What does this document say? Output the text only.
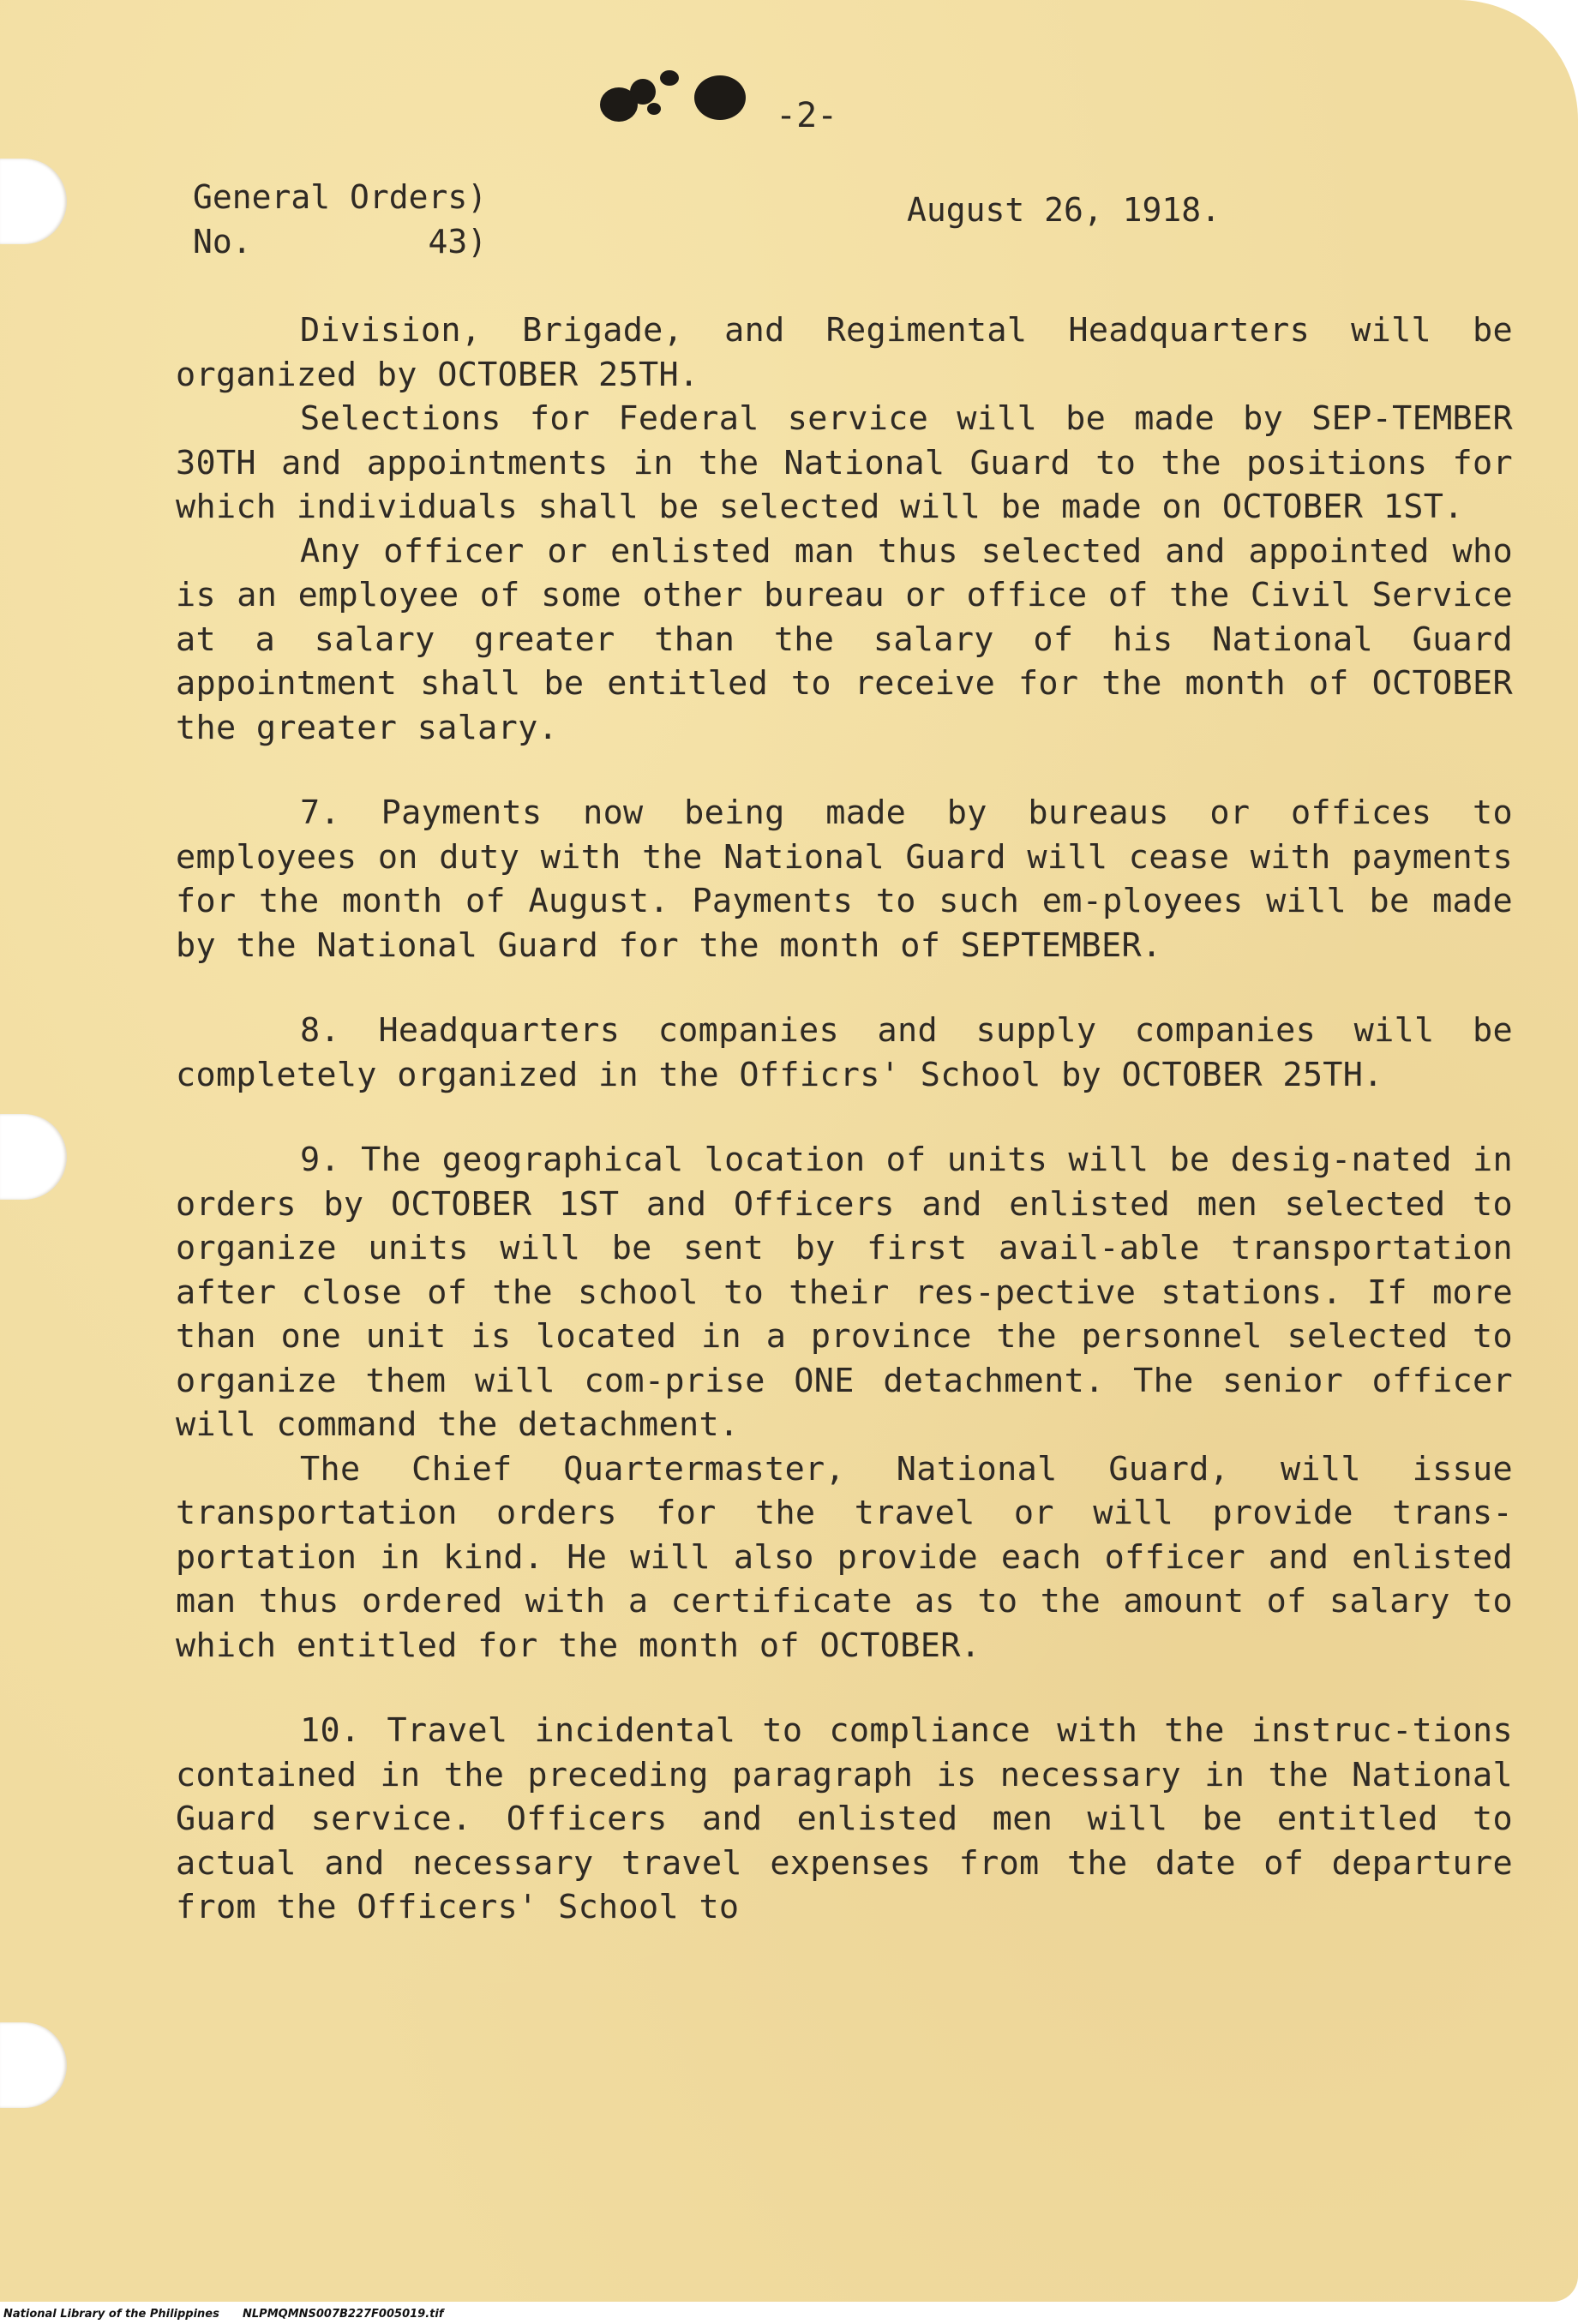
-2-
General Orders)
No.         43)
August 26, 1918.

Division, Brigade, and Regimental Headquarters will be organized by OCTOBER 25TH.

Selections for Federal service will be made by SEP-TEMBER 30TH and appointments in the National Guard to the positions for which individuals shall be selected will be made on OCTOBER 1ST.

Any officer or enlisted man thus selected and appointed who is an employee of some other bureau or office of the Civil Service at a salary greater than the salary of his National Guard appointment shall be entitled to receive for the month of OCTOBER the greater salary.

7. Payments now being made by bureaus or offices to employees on duty with the National Guard will cease with payments for the month of August. Payments to such em-ployees will be made by the National Guard for the month of SEPTEMBER.

8. Headquarters companies and supply companies will be completely organized in the Officrs' School by OCTOBER 25TH.

9. The geographical location of units will be desig-nated in orders by OCTOBER 1ST and Officers and enlisted men selected to organize units will be sent by first avail-able transportation after close of the school to their res-pective stations. If more than one unit is located in a province the personnel selected to organize them will com-prise ONE detachment. The senior officer will command the detachment.

The Chief Quartermaster, National Guard, will issue transportation orders for the travel or will provide trans-portation in kind. He will also provide each officer and enlisted man thus ordered with a certificate as to the amount of salary to which entitled for the month of OCTOBER.

10. Travel incidental to compliance with the instruc-tions contained in the preceding paragraph is necessary in the National Guard service. Officers and enlisted men will be entitled to actual and necessary travel expenses from the date of departure from the Officers' School to

National Library of the Philippines NLPMQMNS007B227F005019.tif
